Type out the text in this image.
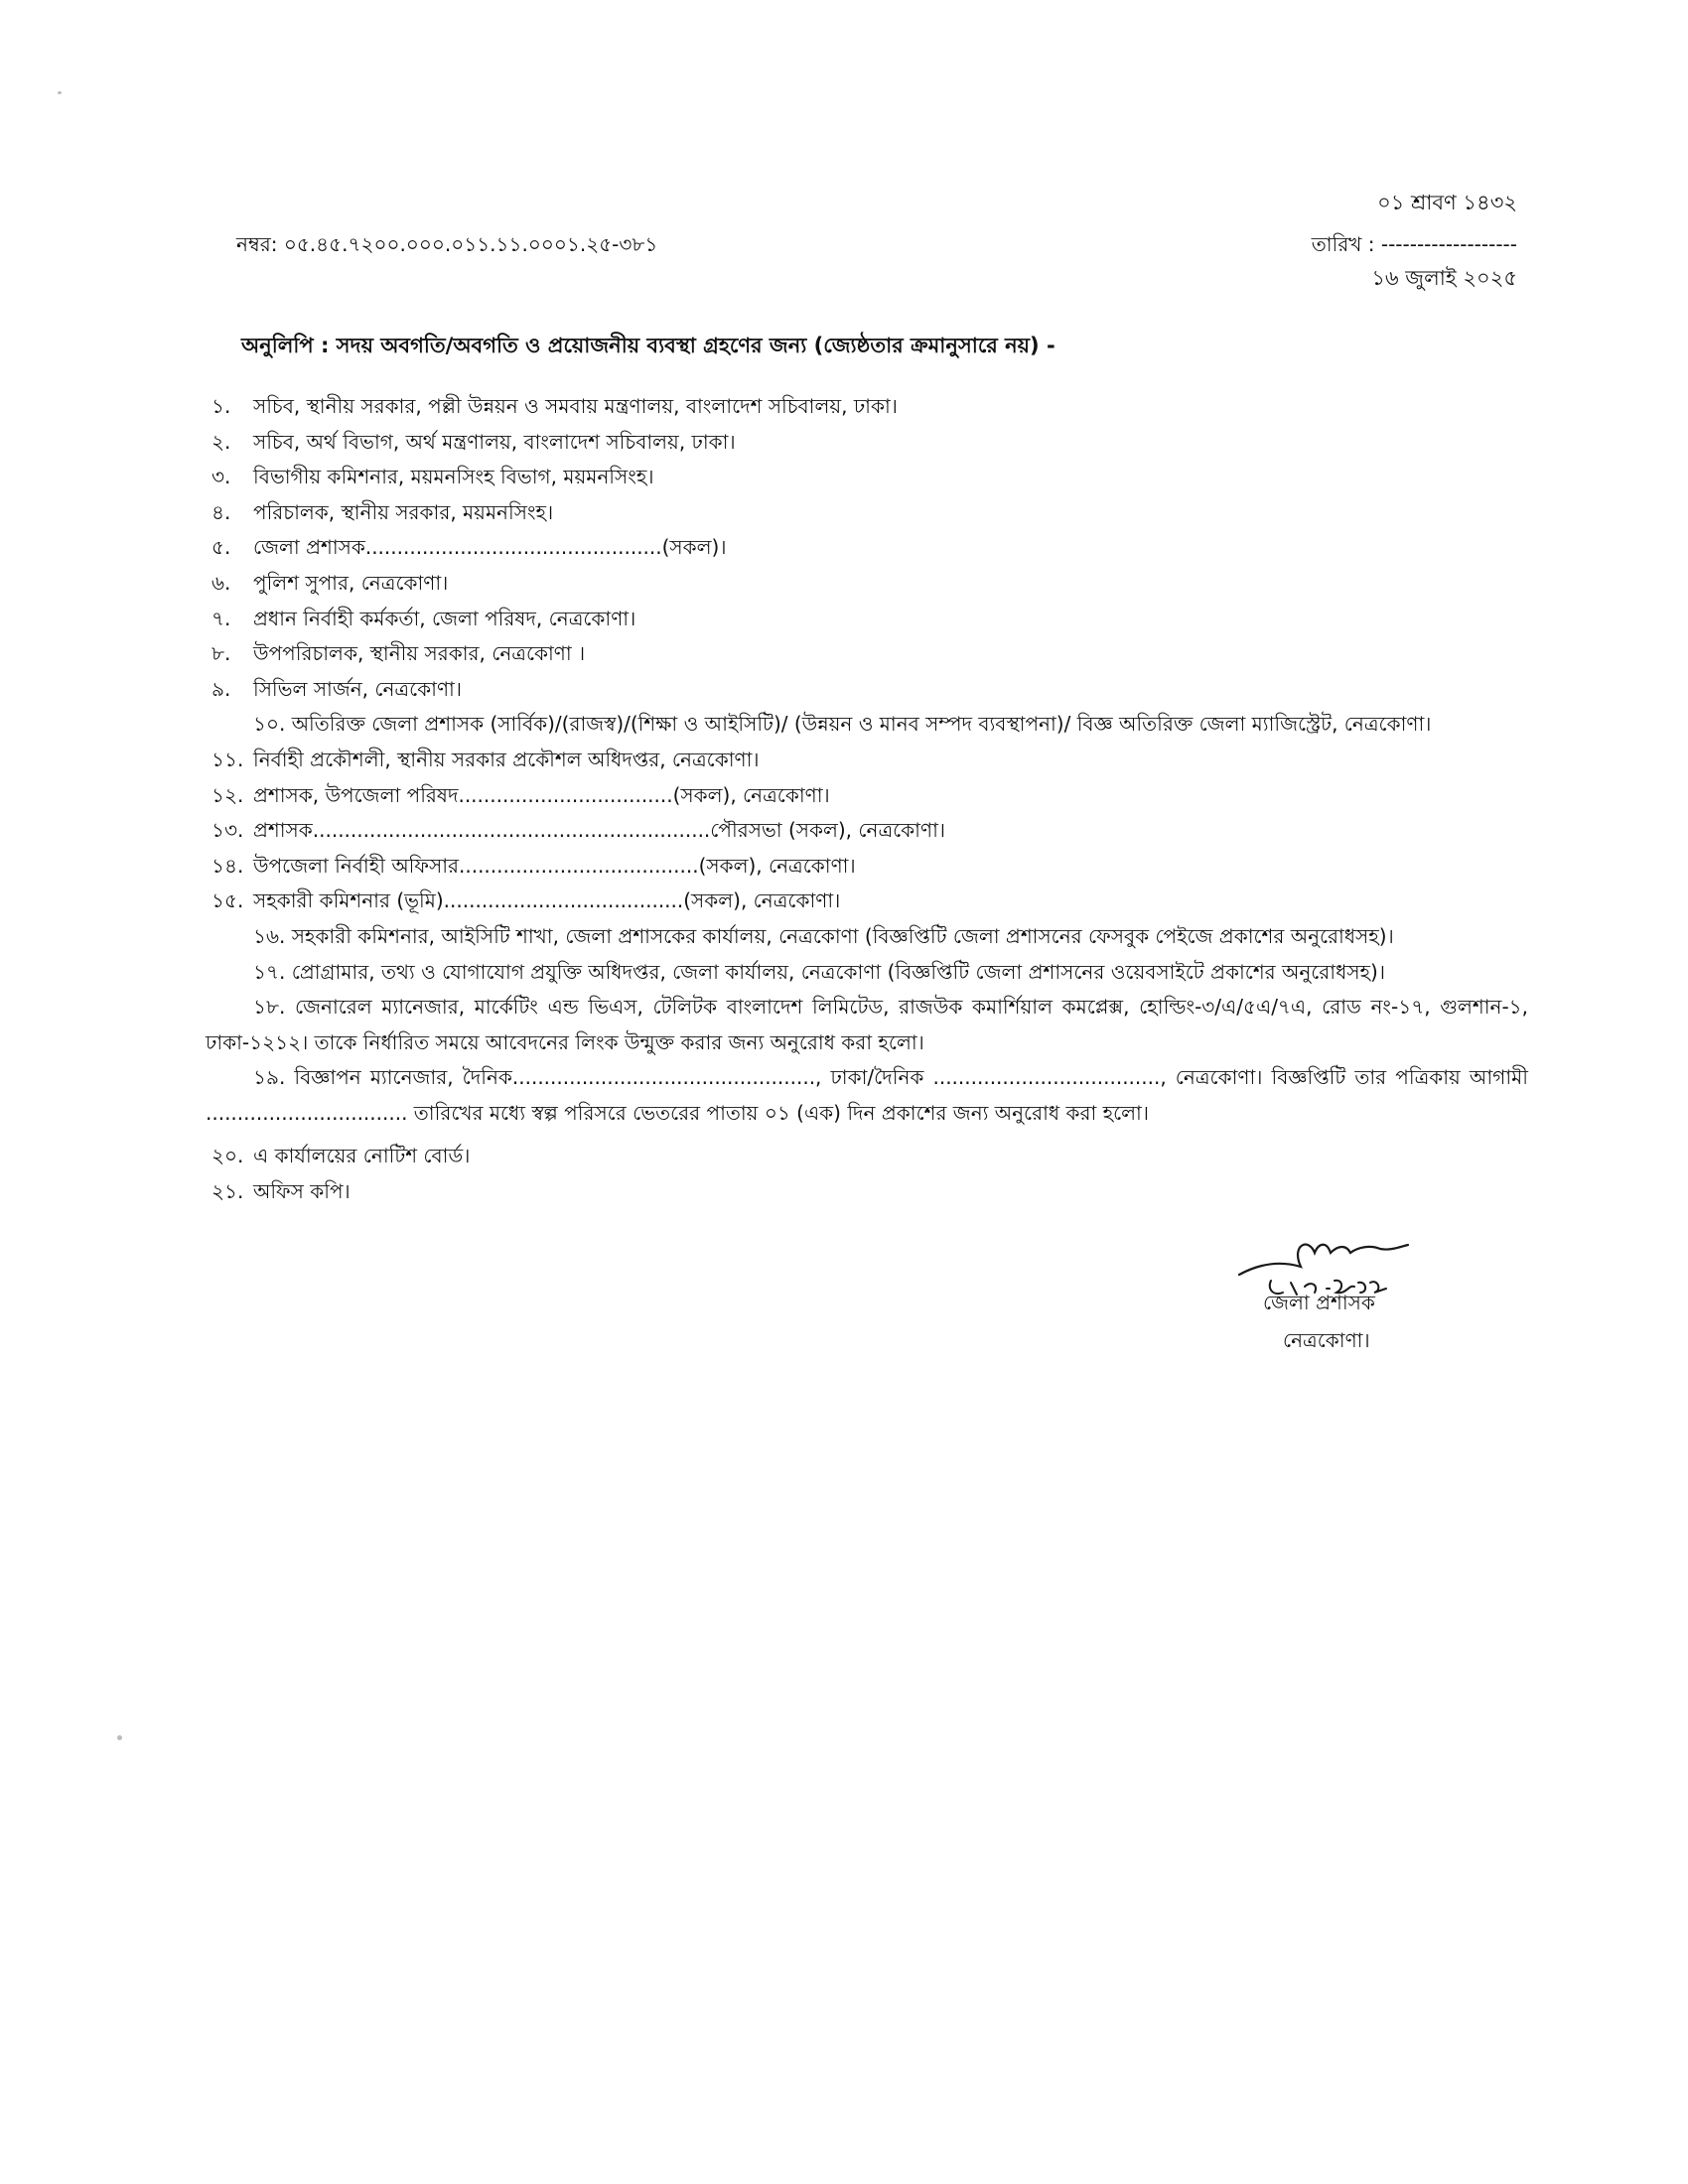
০১ শ্রাবণ ১৪৩২
নম্বর: ০৫.৪৫.৭২০০.০০০.০১১.১১.০০০১.২৫-৩৮১	তারিখ : -------------------
১৬ জুলাই ২০২৫
অনুলিপি : সদয় অবগতি/অবগতি ও প্রয়োজনীয় ব্যবস্থা গ্রহণের জন্য (জ্যেষ্ঠতার ক্রমানুসারে নয়) -
১. সচিব, স্থানীয় সরকার, পল্লী উন্নয়ন ও সমবায় মন্ত্রণালয়, বাংলাদেশ সচিবালয়, ঢাকা।
২. সচিব, অর্থ বিভাগ, অর্থ মন্ত্রণালয়, বাংলাদেশ সচিবালয়, ঢাকা।
৩. বিভাগীয় কমিশনার, ময়মনসিংহ বিভাগ, ময়মনসিংহ।
৪. পরিচালক, স্থানীয় সরকার, ময়মনসিংহ।
৫. জেলা প্রশাসক...............................................(সকল)।
৬. পুলিশ সুপার, নেত্রকোণা।
৭. প্রধান নির্বাহী কর্মকর্তা, জেলা পরিষদ, নেত্রকোণা।
৮. উপপরিচালক, স্থানীয় সরকার, নেত্রকোণা ।
৯. সিভিল সার্জন, নেত্রকোণা।
১০. অতিরিক্ত জেলা প্রশাসক (সার্বিক)/(রাজস্ব)/(শিক্ষা ও আইসিটি)/ (উন্নয়ন ও মানব সম্পদ ব্যবস্থাপনা)/ বিজ্ঞ অতিরিক্ত জেলা ম্যাজিস্ট্রেট, নেত্রকোণা।
১১. নির্বাহী প্রকৌশলী, স্থানীয় সরকার প্রকৌশল অধিদপ্তর, নেত্রকোণা।
১২. প্রশাসক, উপজেলা পরিষদ..................................(সকল), নেত্রকোণা।
১৩. প্রশাসক...............................................................পৌরসভা (সকল), নেত্রকোণা।
১৪. উপজেলা নির্বাহী অফিসার......................................(সকল), নেত্রকোণা।
১৫. সহকারী কমিশনার (ভূমি)......................................(সকল), নেত্রকোণা।
১৬. সহকারী কমিশনার, আইসিটি শাখা, জেলা প্রশাসকের কার্যালয়, নেত্রকোণা (বিজ্ঞপ্তিটি জেলা প্রশাসনের ফেসবুক পেইজে প্রকাশের অনুরোধসহ)।
১৭. প্রোগ্রামার, তথ্য ও যোগাযোগ প্রযুক্তি অধিদপ্তর, জেলা কার্যালয়, নেত্রকোণা (বিজ্ঞপ্তিটি জেলা প্রশাসনের ওয়েবসাইটে প্রকাশের অনুরোধসহ)।
১৮. জেনারেল ম্যানেজার, মার্কেটিং এন্ড ভিএস, টেলিটক বাংলাদেশ লিমিটেড, রাজউক কমার্শিয়াল কমপ্লেক্স, হোল্ডিং-৩/এ/৫এ/৭এ, রোড নং-১৭, গুলশান-১, ঢাকা-১২১২। তাকে নির্ধারিত সময়ে আবেদনের লিংক উন্মুক্ত করার জন্য অনুরোধ করা হলো।
১৯. বিজ্ঞাপন ম্যানেজার, দৈনিক................................................, ঢাকা/দৈনিক ...................................., নেত্রকোণা। বিজ্ঞপ্তিটি তার পত্রিকায় আগামী ................................ তারিখের মধ্যে স্বল্প পরিসরে ভেতরের পাতায় ০১ (এক) দিন প্রকাশের জন্য অনুরোধ করা হলো।
২০. এ কার্যালয়ের নোটিশ বোর্ড।
২১. অফিস কপি।
জেলা প্রশাসক
নেত্রকোণা।
